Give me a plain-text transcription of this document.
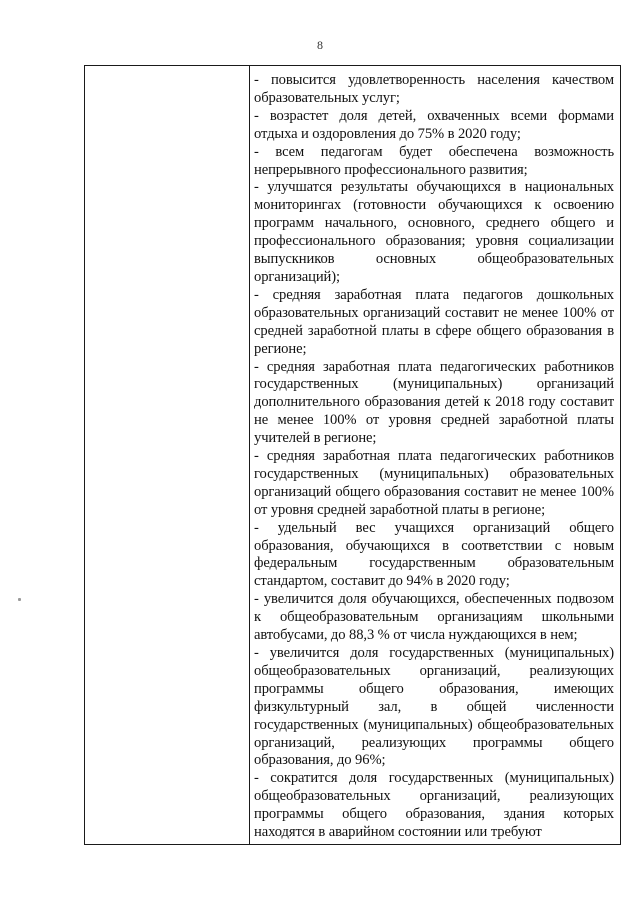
8

- повысится удовлетворенность населения качеством образовательных услуг;

- возрастет доля детей, охваченных всеми формами отдыха и оздоровления до 75% в 2020 году;

- всем педагогам будет обеспечена возможность непрерывного профессионального развития;

- улучшатся результаты обучающихся в национальных мониторингах (готовности обучающихся к освоению программ начального, основного, среднего общего и профессионального образования; уровня социализации выпускников основных общеобразовательных организаций);

- средняя заработная плата педагогов дошкольных образовательных организаций составит не менее 100% от средней заработной платы в сфере общего образования в регионе;

- средняя заработная плата педагогических работников государственных (муниципальных) организаций дополнительного образования детей к 2018 году составит не менее 100% от уровня средней заработной платы учителей в регионе;

- средняя заработная плата педагогических работников государственных (муниципальных) образовательных организаций общего образования составит не менее 100% от уровня средней заработной платы в регионе;

- удельный вес учащихся организаций общего образования, обучающихся в соответствии с новым федеральным государственным образовательным стандартом, составит до 94% в 2020 году;

- увеличится доля обучающихся, обеспеченных подвозом к общеобразовательным организациям школьными автобусами, до 88,3 % от числа нуждающихся в нем;

- увеличится доля государственных (муниципальных) общеобразовательных организаций, реализующих программы общего образования, имеющих физкультурный зал, в общей численности государственных (муниципальных) общеобразовательных организаций, реализующих программы общего образования, до 96%;

- сократится доля государственных (муниципальных) общеобразовательных организаций, реализующих программы общего образования, здания которых находятся в аварийном состоянии или требуют
